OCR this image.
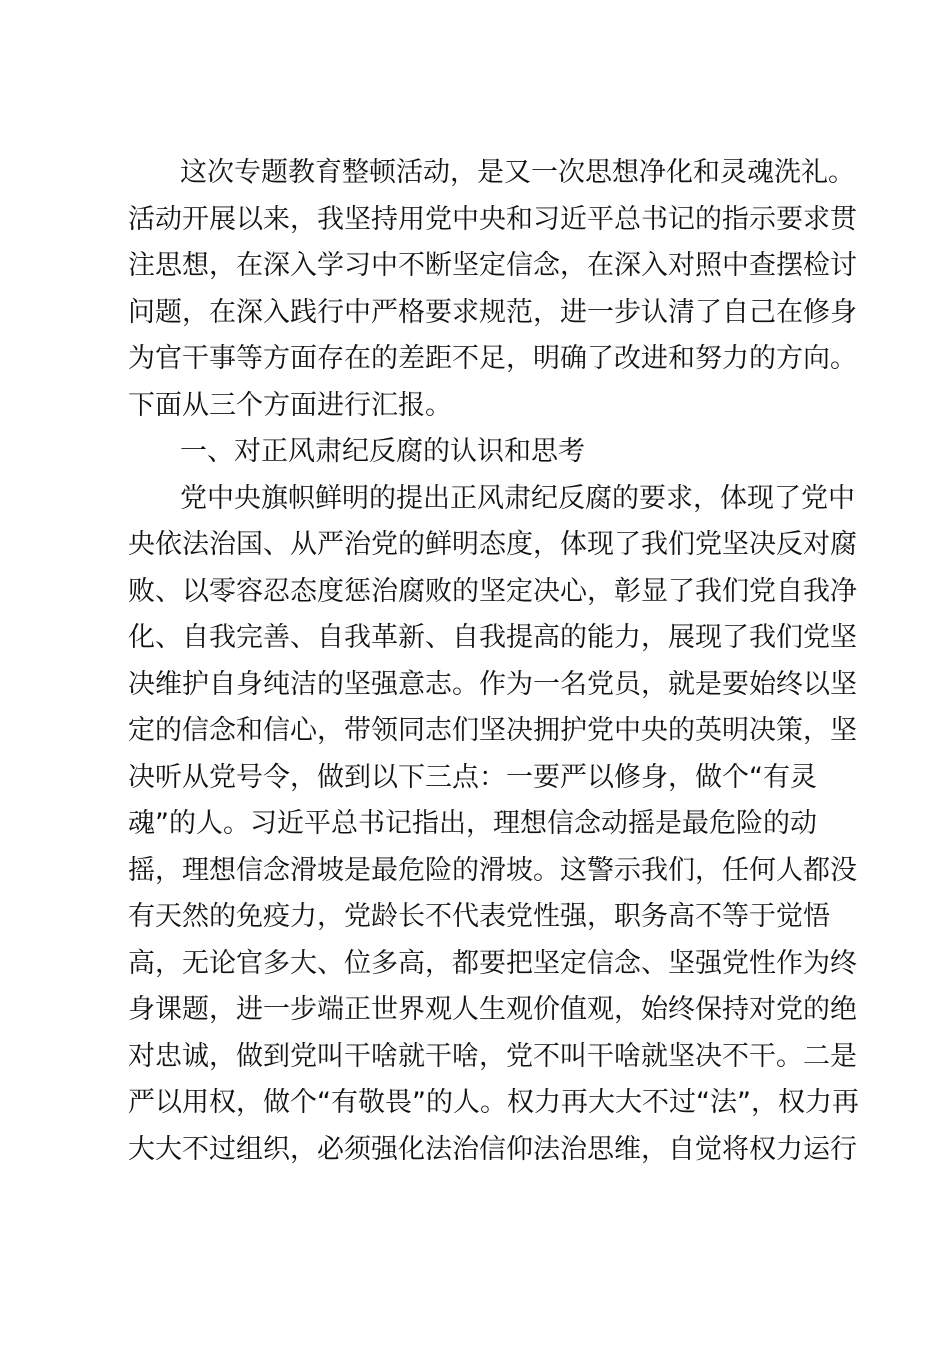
这次专题教育整顿活动，是又一次思想净化和灵魂洗礼。
活动开展以来，我坚持用党中央和习近平总书记的指示要求贯
注思想，在深入学习中不断坚定信念，在深入对照中查摆检讨
问题，在深入践行中严格要求规范，进一步认清了自己在修身
为官干事等方面存在的差距不足，明确了改进和努力的方向。
下面从三个方面进行汇报。
一、对正风肃纪反腐的认识和思考
党中央旗帜鲜明的提出正风肃纪反腐的要求，体现了党中
央依法治国、从严治党的鲜明态度，体现了我们党坚决反对腐
败、以零容忍态度惩治腐败的坚定决心，彰显了我们党自我净
化、自我完善、自我革新、自我提高的能力，展现了我们党坚
决维护自身纯洁的坚强意志。作为一名党员，就是要始终以坚
定的信念和信心，带领同志们坚决拥护党中央的英明决策，坚
决听从党号令，做到以下三点：一要严以修身，做个“有灵
魂”的人。习近平总书记指出，理想信念动摇是最危险的动
摇，理想信念滑坡是最危险的滑坡。这警示我们，任何人都没
有天然的免疫力，党龄长不代表党性强，职务高不等于觉悟
高，无论官多大、位多高，都要把坚定信念、坚强党性作为终
身课题，进一步端正世界观人生观价值观，始终保持对党的绝
对忠诚，做到党叫干啥就干啥，党不叫干啥就坚决不干。二是
严以用权，做个“有敬畏”的人。权力再大大不过“法”，权力再
大大不过组织，必须强化法治信仰法治思维，自觉将权力运行
